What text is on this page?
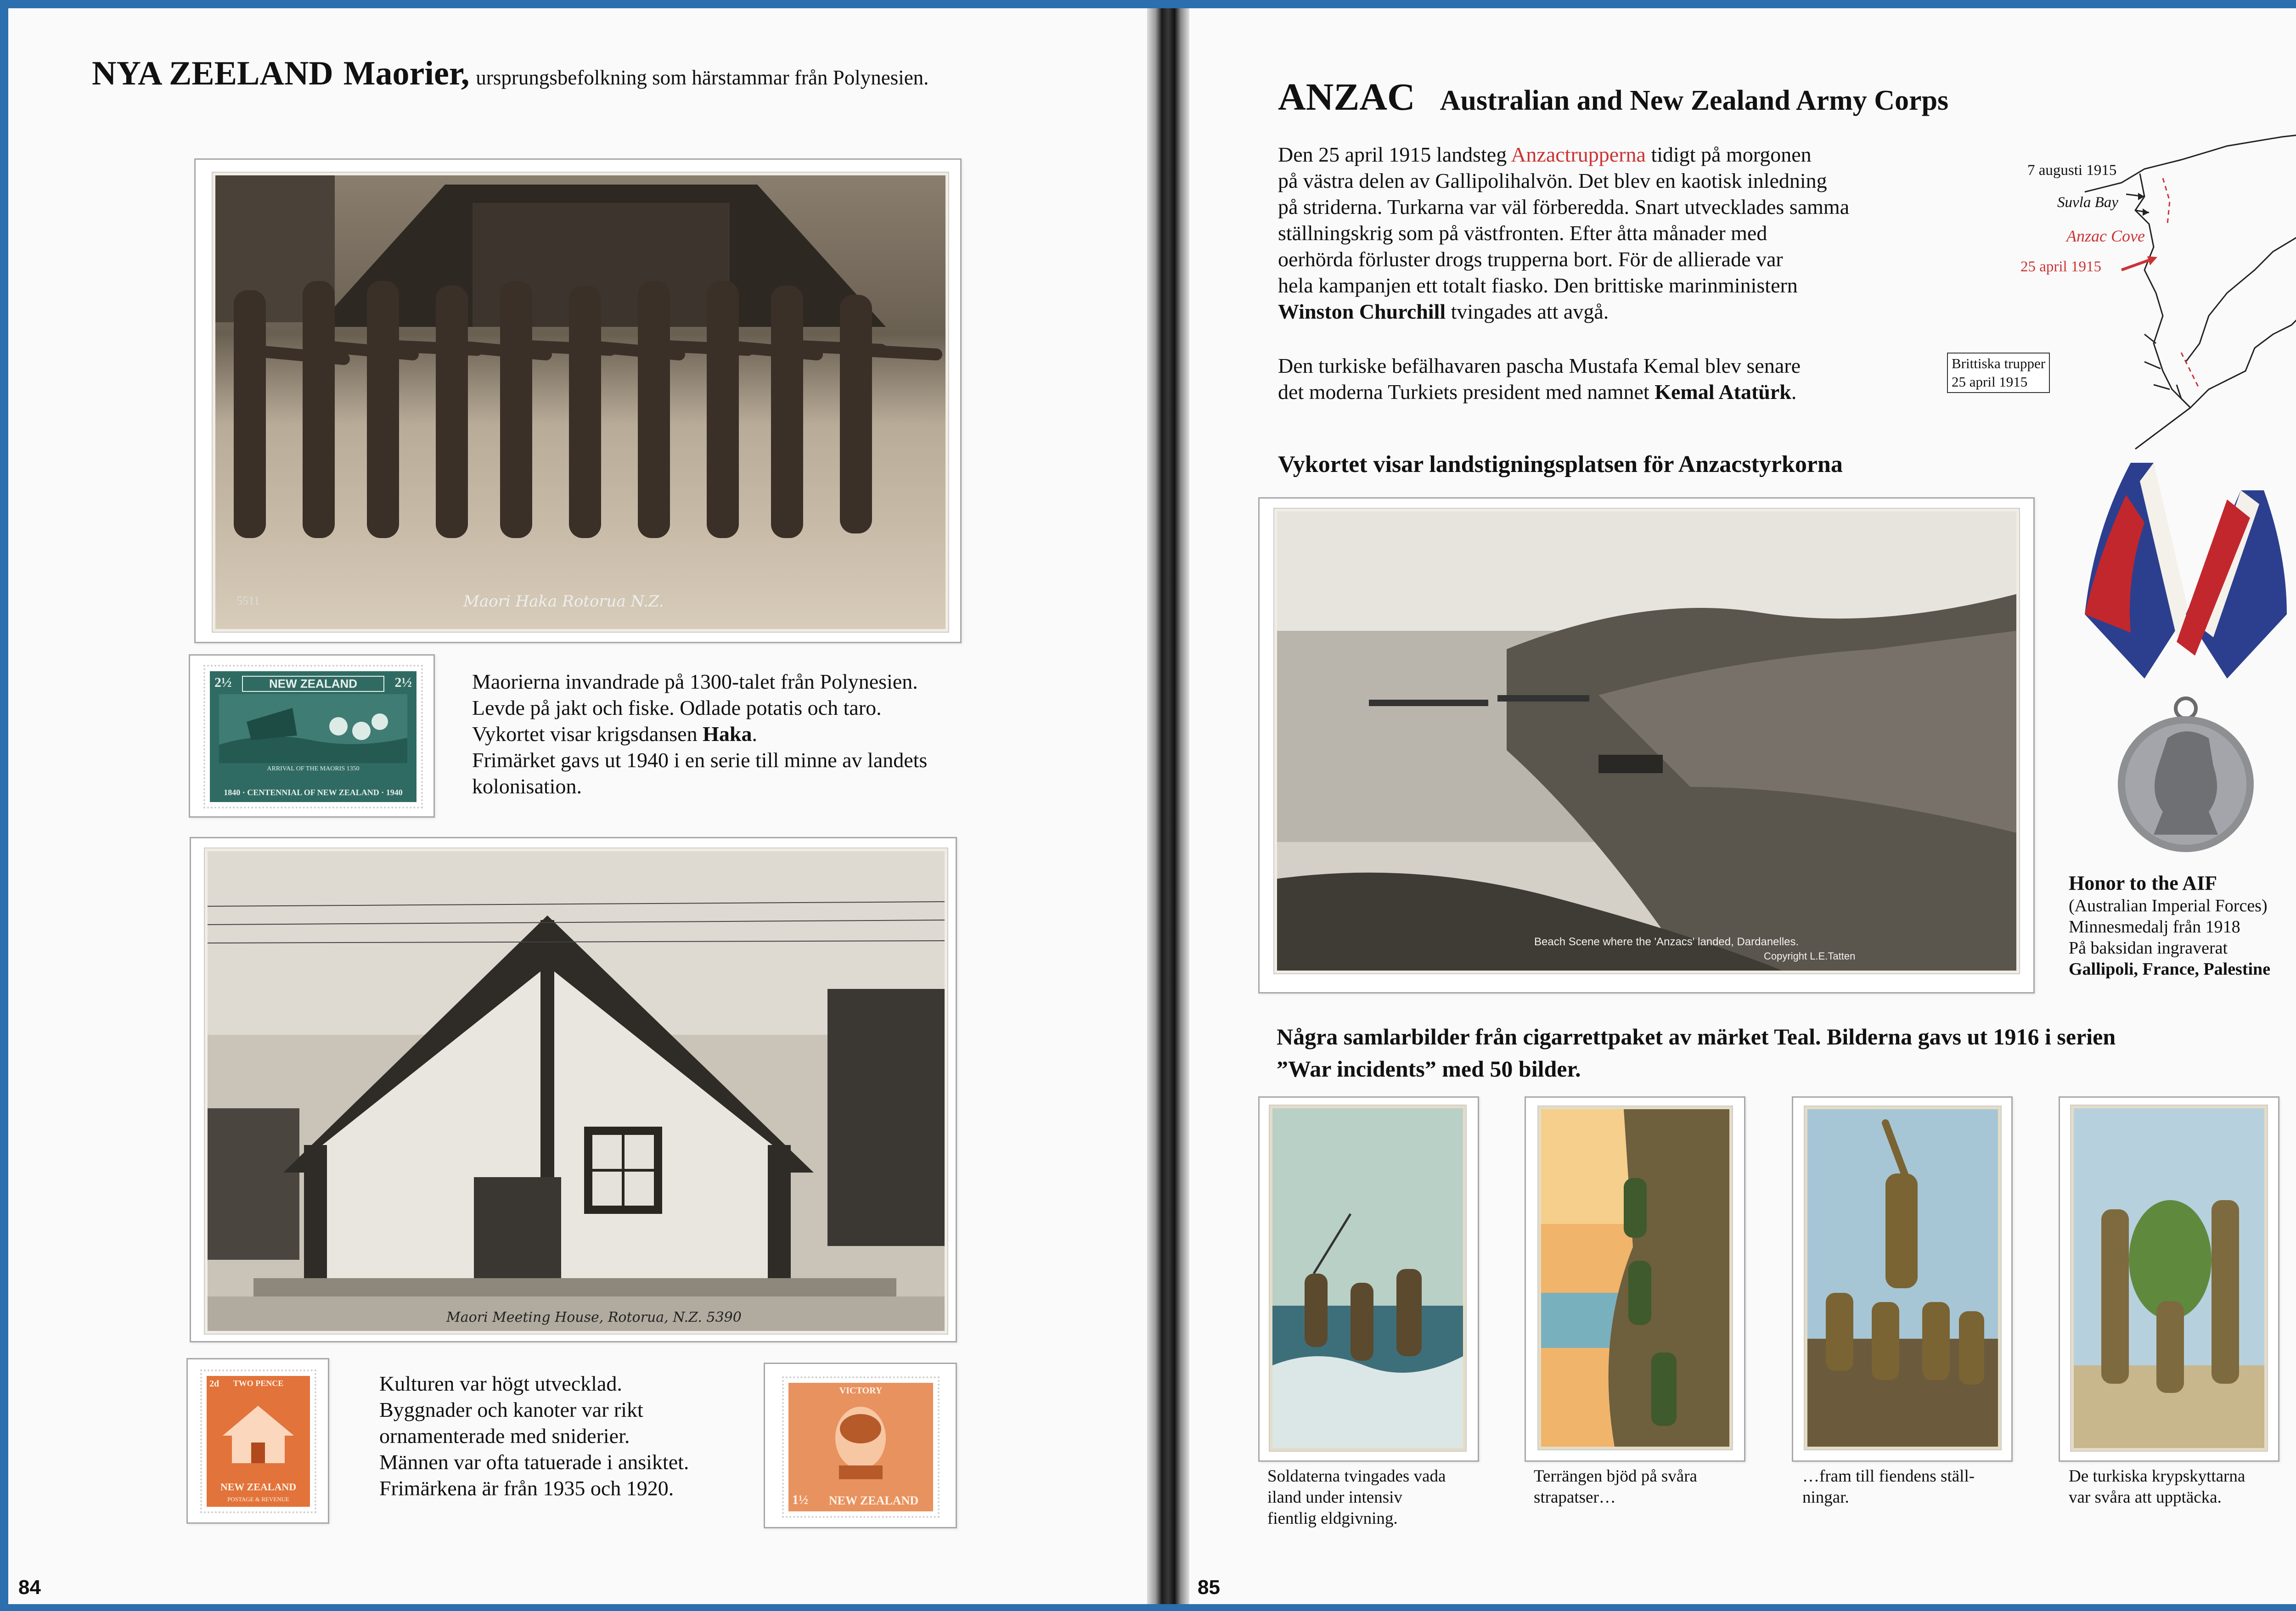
NYA ZEELAND Maorier, ursprungsbefolkning som härstammar från Polynesien.
Maori Haka Rotorua N.Z.
5511
NEW ZEALAND
2½	2½
ARRIVAL OF THE MAORIS 1350
1840 · CENTENNIAL OF NEW ZEALAND · 1940
Maorierna invandrade på 1300-talet från Polynesien.
Levde på jakt och fiske. Odlade potatis och taro.
Vykortet visar krigsdansen Haka.
Frimärket gavs ut 1940 i en serie till minne av landets
kolonisation.
Maori Meeting House, Rotorua, N.Z. 5390
TWO PENCE
2d
NEW ZEALAND
POSTAGE & REVENUE
Kulturen var högt utvecklad.
Byggnader och kanoter var rikt
ornamenterade med sniderier.
Männen var ofta tatuerade i ansiktet.
Frimärkena är från 1935 och 1920.
VICTORY
1½	NEW ZEALAND
84
ANZAC Australian and New Zealand Army Corps
Den 25 april 1915 landsteg Anzactrupperna tidigt på morgonen
på västra delen av Gallipolihalvön. Det blev en kaotisk inledning
på striderna. Turkarna var väl förberedda. Snart utvecklades samma
ställningskrig som på västfronten. Efter åtta månader med
oerhörda förluster drogs trupperna bort. För de allierade var
hela kampanjen ett totalt fiasko. Den brittiske marinministern
Winston Churchill tvingades att avgå.
Den turkiske befälhavaren pascha Mustafa Kemal blev senare
det moderna Turkiets president med namnet Kemal Atatürk.
7 augusti 1915
Suvla Bay
Anzac Cove
25 april 1915
Brittiska trupper
25 april 1915
Vykortet visar landstigningsplatsen för Anzacstyrkorna
Beach Scene where the 'Anzacs' landed, Dardanelles.
Copyright L.E.Tatten
Honor to the AIF
(Australian Imperial Forces)
Minnesmedalj från 1918
På baksidan ingraverat
Gallipoli, France, Palestine
Några samlarbilder från cigarrettpaket av märket Teal. Bilderna gavs ut 1916 i serien
”War incidents” med 50 bilder.
Soldaterna tvingades vada
iland under intensiv
fientlig eldgivning.
Terrängen bjöd på svåra
strapatser…
…fram till fiendens ställ-
ningar.
De turkiska krypskyttarna
var svåra att upptäcka.
85
